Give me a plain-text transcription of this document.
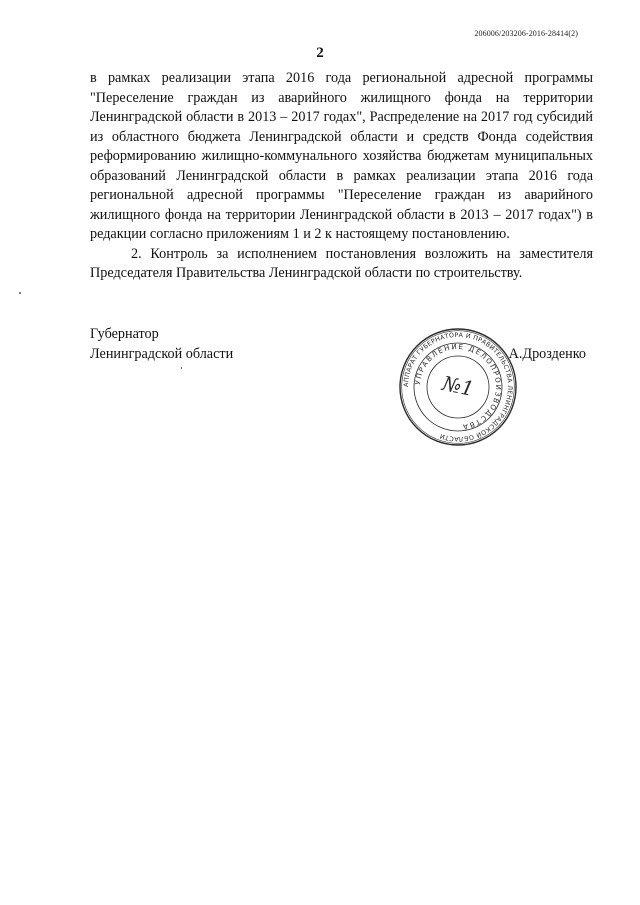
206006/203206-2016-28414(2)
2

в рамках реализации этапа 2016 года региональной адресной программы "Переселение граждан из аварийного жилищного фонда на территории Ленинградской области в 2013 – 2017 годах", Распределение на 2017 год субсидий из областного бюджета Ленинградской области и средств Фонда содействия реформированию жилищно-коммунального хозяйства бюджетам муниципальных образований Ленинградской области в рамках реализации этапа 2016 года региональной адресной программы "Переселение граждан из аварийного жилищного фонда на территории Ленинградской области в 2013 – 2017 годах") в редакции согласно приложениям 1 и 2 к настоящему постановлению.

2. Контроль за исполнением постановления возложить на заместителя Председателя Правительства Ленинградской области по строительству.

Губернатор
Ленинградской области	А.Дрозденко
АППАРАТ ГУБЕРНАТОРА И ПРАВИТЕЛЬСТВА ЛЕНИНГРАДСКОЙ ОБЛАСТИ
УПРАВЛЕНИЕ ДЕЛОПРОИЗВОДСТВА
№1
